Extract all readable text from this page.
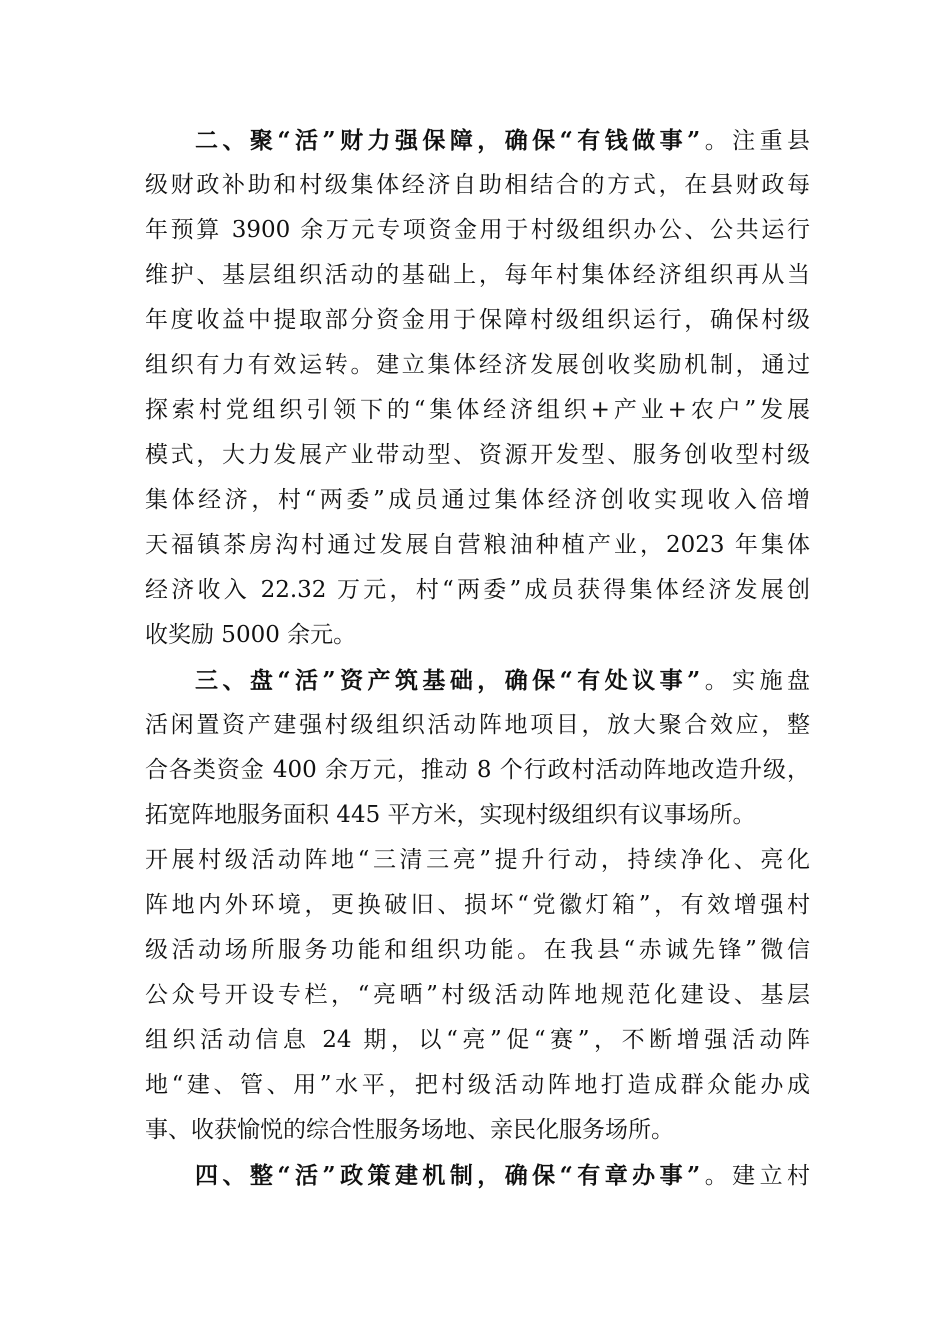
二、聚“活”财力强保障，确保“有钱做事”。注重县
级财政补助和村级集体经济自助相结合的方式，在县财政每
年预算 3900 余万元专项资金用于村级组织办公、公共运行
维护、基层组织活动的基础上，每年村集体经济组织再从当
年度收益中提取部分资金用于保障村级组织运行，确保村级
组织有力有效运转。建立集体经济发展创收奖励机制，通过
探索村党组织引领下的“集体经济组织+产业+农户”发展
模式，大力发展产业带动型、资源开发型、服务创收型村级
集体经济，村“两委”成员通过集体经济创收实现收入倍增
天福镇茶房沟村通过发展自营粮油种植产业，2023 年集体
经济收入 22.32 万元，村“两委”成员获得集体经济发展创
收奖励 5000 余元。
三、盘“活”资产筑基础，确保“有处议事”。实施盘
活闲置资产建强村级组织活动阵地项目，放大聚合效应，整
合各类资金 400 余万元，推动 8 个行政村活动阵地改造升级，
拓宽阵地服务面积 445 平方米，实现村级组织有议事场所。
开展村级活动阵地“三清三亮”提升行动，持续净化、亮化
阵地内外环境，更换破旧、损坏“党徽灯箱”，有效增强村
级活动场所服务功能和组织功能。在我县“赤诚先锋”微信
公众号开设专栏，“亮晒”村级活动阵地规范化建设、基层
组织活动信息 24 期，以“亮”促“赛”，不断增强活动阵
地“建、管、用”水平，把村级活动阵地打造成群众能办成
事、收获愉悦的综合性服务场地、亲民化服务场所。
四、整“活”政策建机制，确保“有章办事”。建立村
